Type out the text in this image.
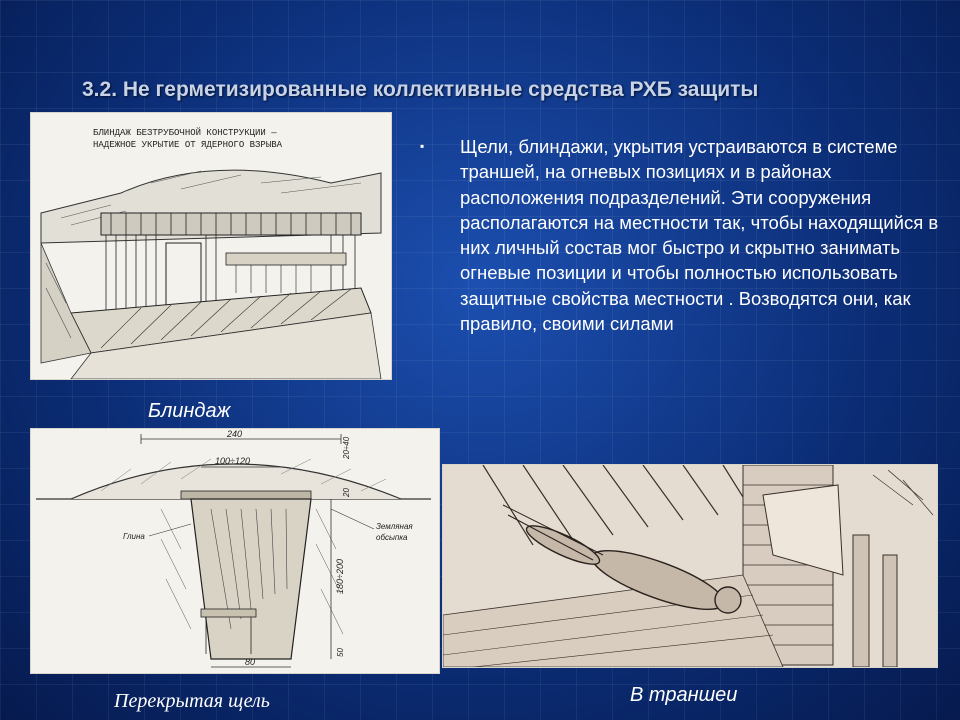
3.2. Не герметизированные коллективные средства РХБ защиты
▪ Щели, блиндажи, укрытия устраиваются в системе траншей, на огневых позициях и в районах расположения подразделений. Эти сооружения располагаются на местности так, чтобы находящийся в них личный состав мог быстро и скрытно занимать огневые позиции и чтобы полностью использовать защитные свойства местности . Возводятся они, как правило, своими силами
БЛИНДАЖ БЕЗТРУБОЧНОЙ КОНСТРУКЦИИ —
НАДЕЖНОЕ УКРЫТИЕ ОТ ЯДЕРНОГО ВЗРЫВА
Блиндаж
240
100÷120
20÷40
20
180÷200
50
80
Глина
Земляная
обсыпка
Перекрытая щель	В траншеи
